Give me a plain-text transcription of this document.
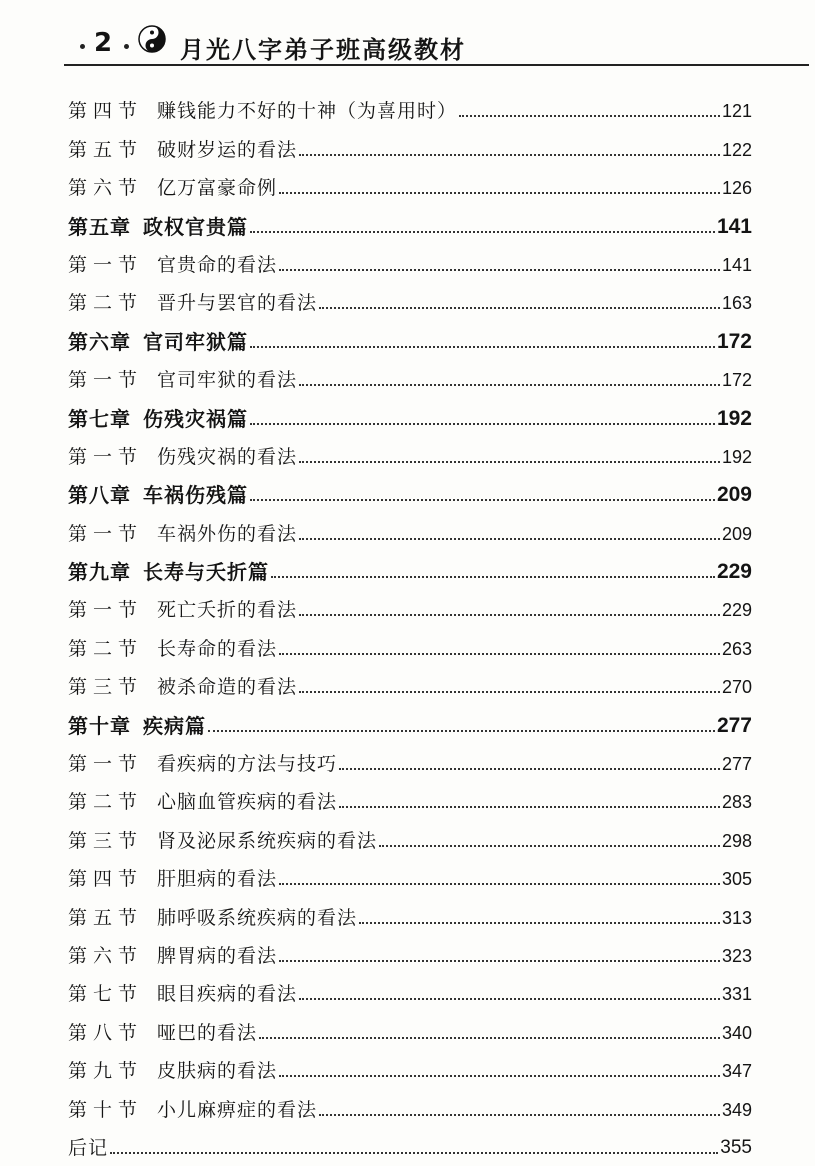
2	月光八字弟子班高级教材
第四节 赚钱能力不好的十神（为喜用时）	121
第五节 破财岁运的看法	122
第六节 亿万富豪命例	126
第五章 政权官贵篇	141
第一节 官贵命的看法	141
第二节 晋升与罢官的看法	163
第六章 官司牢狱篇	172
第一节 官司牢狱的看法	172
第七章 伤残灾祸篇	192
第一节 伤残灾祸的看法	192
第八章 车祸伤残篇	209
第一节 车祸外伤的看法	209
第九章 长寿与夭折篇	229
第一节 死亡夭折的看法	229
第二节 长寿命的看法	263
第三节 被杀命造的看法	270
第十章 疾病篇	277
第一节 看疾病的方法与技巧	277
第二节 心脑血管疾病的看法	283
第三节 肾及泌尿系统疾病的看法	298
第四节 肝胆病的看法	305
第五节 肺呼吸系统疾病的看法	313
第六节 脾胃病的看法	323
第七节 眼目疾病的看法	331
第八节 哑巴的看法	340
第九节 皮肤病的看法	347
第十节 小儿麻痹症的看法	349
后记	355
